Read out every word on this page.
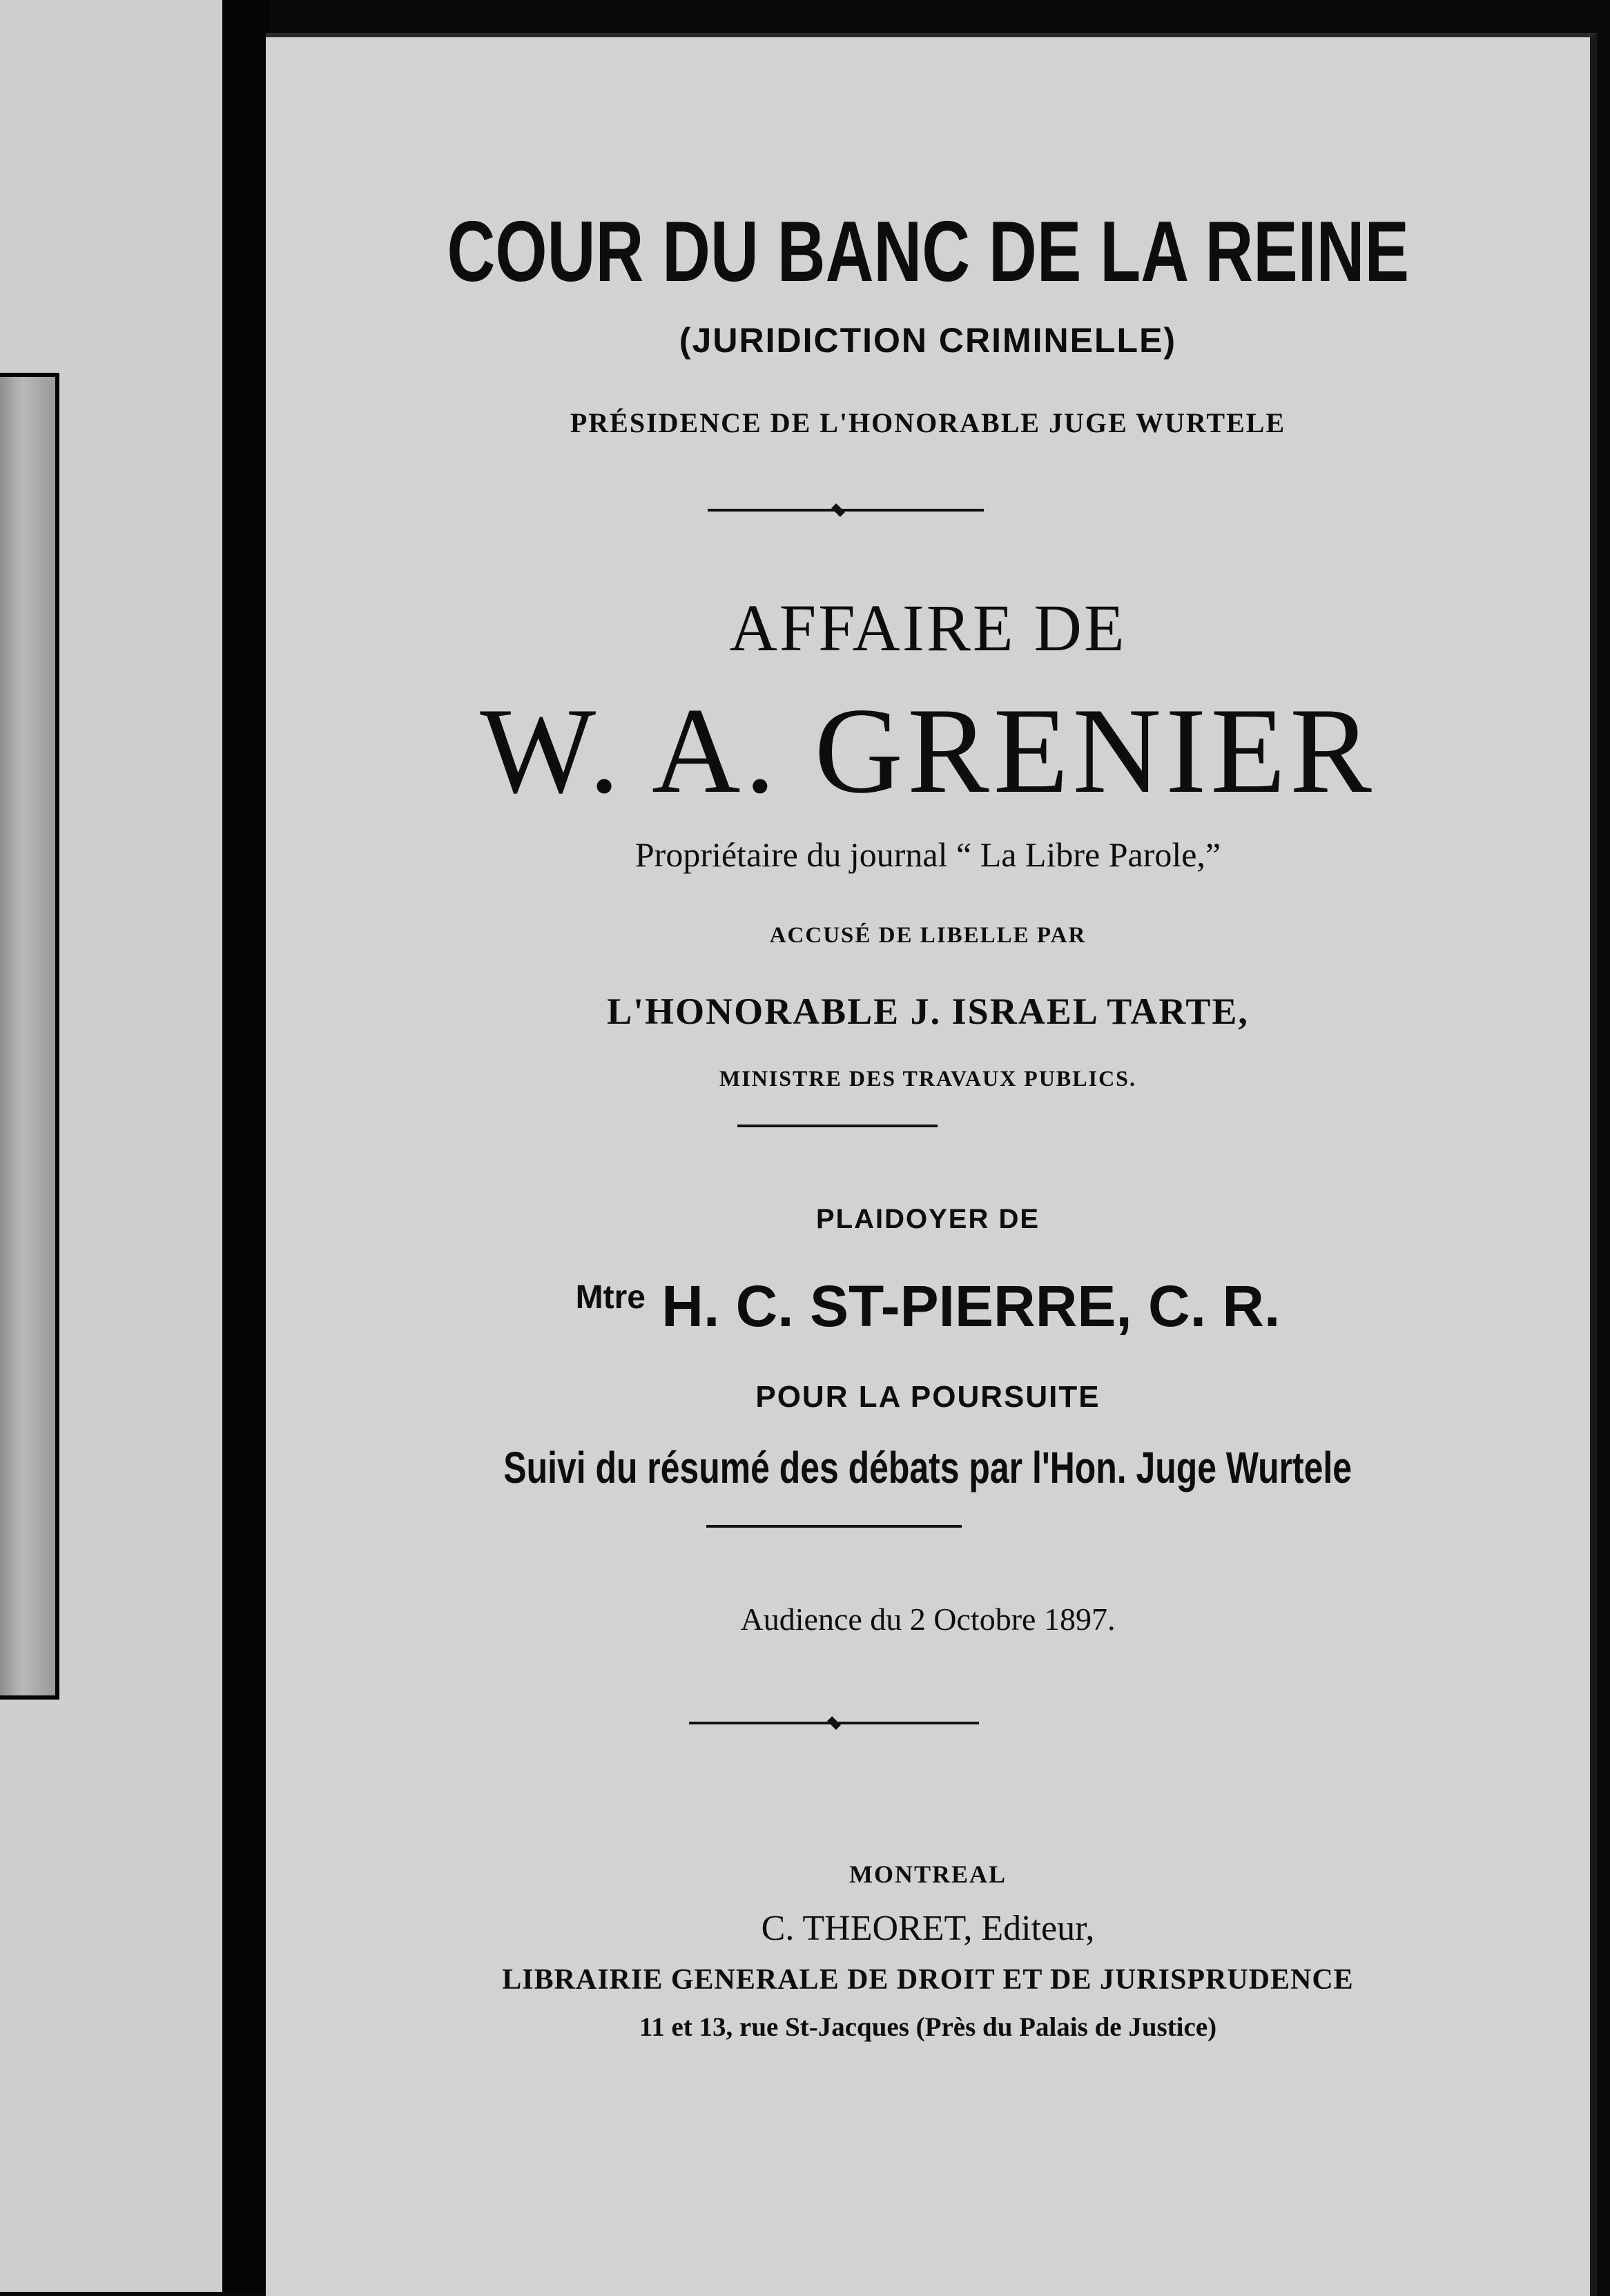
COUR DU BANC DE LA REINE
(JURIDICTION CRIMINELLE)
PRÉSIDENCE DE L'HONORABLE JUGE WURTELE
AFFAIRE DE
W. A. GRENIER
Propriétaire du journal “ La Libre Parole,”
ACCUSÉ DE LIBELLE PAR
L'HONORABLE J. ISRAEL TARTE,
MINISTRE DES TRAVAUX PUBLICS.
PLAIDOYER DE
$^{Mtre}$ H. C. ST-PIERRE, C. R.
POUR LA POURSUITE
Suivi du résumé des débats par l'Hon. Juge Wurtele
Audience du 2 Octobre 1897.
MONTREAL
C. THEORET, Editeur,
LIBRAIRIE GENERALE DE DROIT ET DE JURISPRUDENCE
11 et 13, rue St-Jacques (Près du Palais de Justice)
